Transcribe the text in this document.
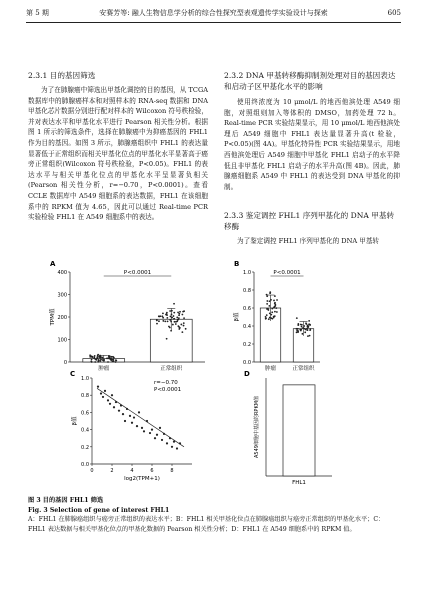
第 5 期	安赛芳等: 融人生物信息学分析的综合性探究型表观遗传学实验设计与探索	605
2.3.1 目的基因筛选

为了在肺腺癌中筛选出甲基化调控的目的基因，从 TCGA 数据库中的肺腺癌样本和对照样本的 RNA-seq 数据和 DNA 甲基化芯片数据分别进行配对样本的 Wilcoxon 符号秩检验，并对表达水平和甲基化水平进行 Pearson 相关性分析。根据图 1 所示的筛选条件，选择在肺腺癌中为抑癌基因的 FHL1 作为目的基因。如图 3 所示，肺腺癌组织中 FHL1 的表达量显著低于正常组织而相关甲基化位点的甲基化水平显著高于癌旁正常组织(Wilcoxon 符号秩检验，P<0.05)。FHL1 的表达水平与相关甲基化位点的甲基化水平呈显著负相关(Pearson 相关性分析，r=−0.70，P<0.0001)。查看 CCLE 数据库中 A549 细胞系的表达数据，FHL1 在该细胞系中的 RPKM 值为 4.65，因此可以通过 Real-time PCR 实验检验 FHL1 在 A549 细胞系中的表达。

2.3.2 DNA 甲基转移酶抑制剂处理对目的基因表达和启动子区甲基化水平的影响

使用终浓度为 10 μmol/L 的地西他滨处理 A549 细胞，对照组则加入等体积的 DMSO，加药处理 72 h。Real-time PCR 实验结果显示，用 10 μmol/L 地西他滨处理后 A549 细胞中 FHL1 表达量显著升高(t 检验，P<0.05)(图 4A)。甲基化特异性 PCR 实验结果显示，用地西他滨处理后 A549 细胞中甲基化 FHL1 启动子的水平降低且非甲基化 FHL1 启动子的水平升高(图 4B)。因此，肺腺癌细胞系 A549 中 FHL1 的表达受到 DNA 甲基化的抑制。

2.3.3 鉴定调控 FHL1 序列甲基化的 DNA 甲基转移酶

为了鉴定调控 FHL1 序列甲基化的 DNA 甲基转

A
0
100
200
300
400
TPM值
肿瘤	正常组织
P<0.0001
B
0.0
0.2
0.4
0.6
0.8
1.0
β值
肿瘤	正常组织
P<0.0001
C
0.0
0.2
0.4
0.6
0.8
1.0
β值
0	2	4	6	8
log2(TPM+1)
r=−0.70
P<0.0001
D
A549细胞中基因的RPKM值
FHL1
图 3 目的基因 FHL1 筛选
Fig. 3 Selection of gene of interest FHL1
A：FHL1 在肺腺癌组织与癌旁正常组织的表达水平；B：FHL1 相关甲基化位点在肺腺癌组织与癌旁正常组织的甲基化水平；C：FHL1 表达数据与相关甲基化位点的甲基化数据的 Pearson 相关性分析；D：FHL1 在 A549 细胞系中的 RPKM 值。
